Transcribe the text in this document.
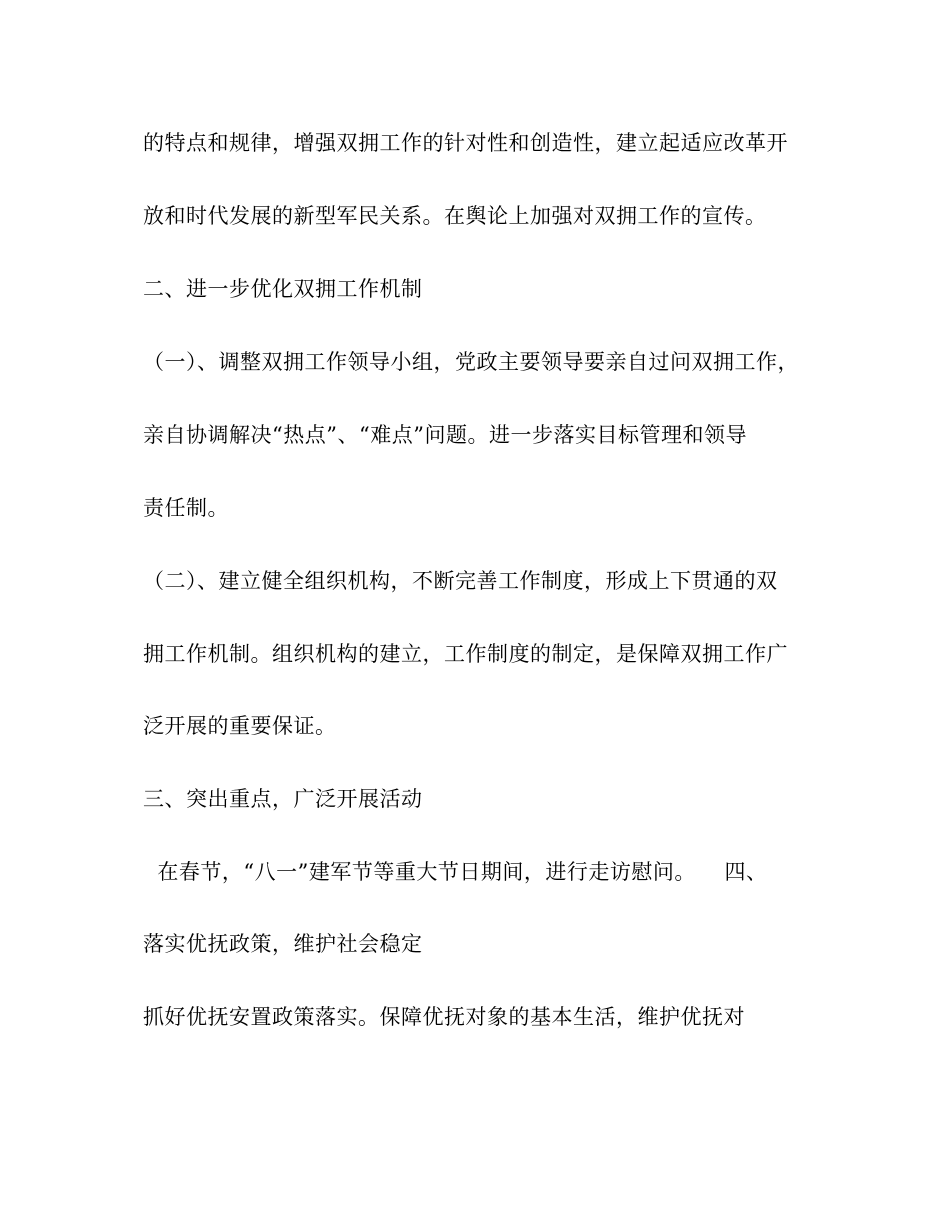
的特点和规律，增强双拥工作的针对性和创造性，建立起适应改革开
放和时代发展的新型军民关系。在舆论上加强对双拥工作的宣传。
二、进一步优化双拥工作机制
（一）、调整双拥工作领导小组，党政主要领导要亲自过问双拥工作，
亲自协调解决“热点”、“难点”问题。进一步落实目标管理和领导
责任制。
（二）、建立健全组织机构，不断完善工作制度，形成上下贯通的双
拥工作机制。组织机构的建立，工作制度的制定，是保障双拥工作广
泛开展的重要保证。
三、突出重点，广泛开展活动
在春节，“八一”建军节等重大节日期间，进行走访慰问。    四、
落实优抚政策，维护社会稳定
抓好优抚安置政策落实。保障优抚对象的基本生活，维护优抚对
